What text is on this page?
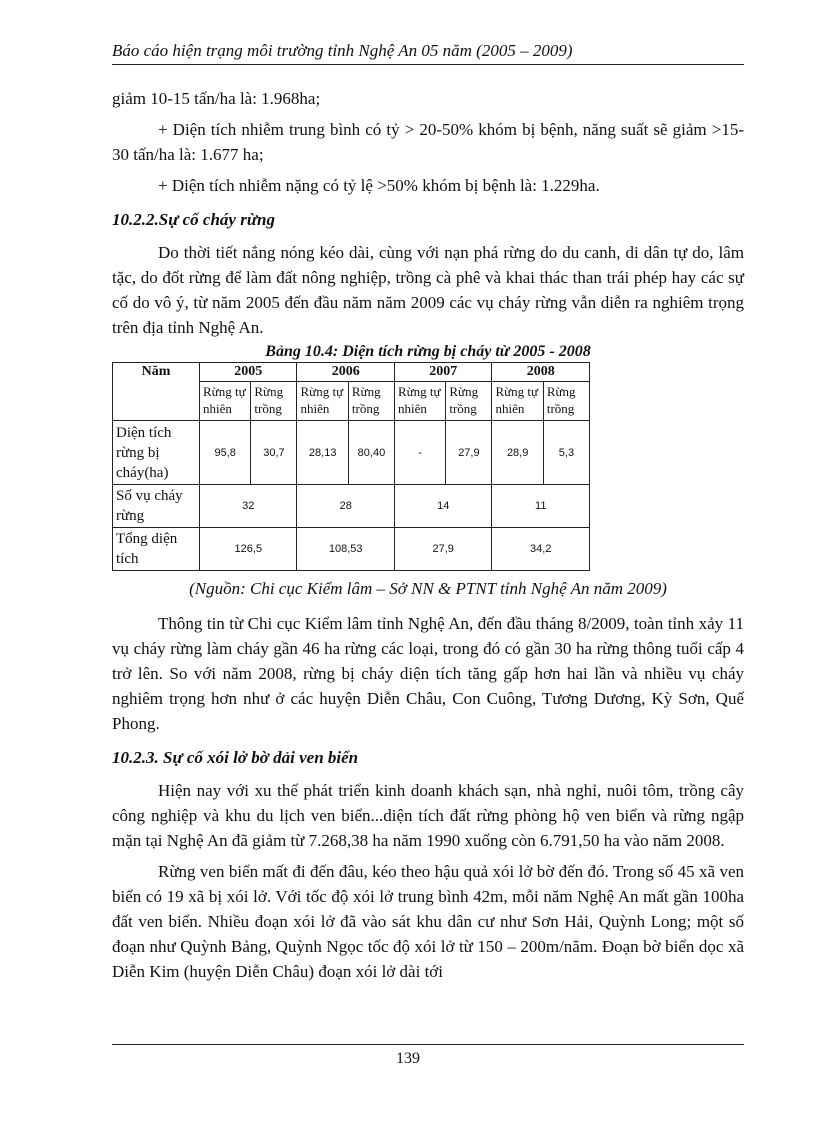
Báo cáo hiện trạng môi trường tỉnh Nghệ An 05 năm (2005 – 2009)

giảm 10-15 tấn/ha là: 1.968ha;

+ Diện tích nhiễm trung bình có tỷ > 20-50% khóm bị bệnh, năng suất sẽ giảm >15-30 tấn/ha là: 1.677 ha;

+ Diện tích nhiễm nặng có tỷ lệ >50% khóm bị bệnh là: 1.229ha.

10.2.2.Sự cố cháy rừng

Do thời tiết nắng nóng kéo dài, cùng với nạn phá rừng do du canh, di dân tự do, lâm tặc, do đốt rừng để làm đất nông nghiệp, trồng cà phê và khai thác than trái phép hay các sự cố do vô ý, từ năm 2005 đến đầu năm năm 2009 các vụ cháy rừng vẫn diễn ra nghiêm trọng trên địa tỉnh Nghệ An.

Bảng 10.4: Diện tích rừng bị cháy từ 2005 - 2008
Năm	2005		2006		2007		2008	
	Rừng tự nhiên	Rừng trồng	Rừng tự nhiên	Rừng trồng	Rừng tự nhiên	Rừng trồng	Rừng tự nhiên	Rừng trồng
Diện tích rừng bị cháy(ha)	95,8	30,7	28,13	80,40	-	27,9	28,9	5,3
Số vụ cháy rừng	32		28		14		11	
Tổng diện tích	126,5		108,53		27,9		34,2	
(Nguồn: Chi cục Kiểm lâm – Sở NN & PTNT tỉnh Nghệ An năm 2009)

Thông tin từ Chi cục Kiểm lâm tỉnh Nghệ An, đến đầu tháng 8/2009, toàn tỉnh xảy 11 vụ cháy rừng làm cháy gần 46 ha rừng các loại, trong đó có gần 30 ha rừng thông tuổi cấp 4 trở lên. So với năm 2008, rừng bị cháy diện tích tăng gấp hơn hai lần và nhiều vụ cháy nghiêm trọng hơn như ở các huyện Diễn Châu, Con Cuông, Tương Dương, Kỳ Sơn, Quế Phong.

10.2.3. Sự cố xói lở bờ dải ven biển

Hiện nay với xu thế phát triển kinh doanh khách sạn, nhà nghỉ, nuôi tôm, trồng cây công nghiệp và khu du lịch ven biển...diện tích đất rừng phòng hộ ven biển và rừng ngập mặn tại Nghệ An đã giảm từ 7.268,38 ha năm 1990 xuống còn 6.791,50 ha vào năm 2008.

Rừng ven biển mất đi đến đâu, kéo theo hậu quả xói lở bờ đến đó. Trong số 45 xã ven biển có 19 xã bị xói lở. Với tốc độ xói lở trung bình 42m, mỗi năm Nghệ An mất gần 100ha đất ven biển. Nhiều đoạn xói lở đã vào sát khu dân cư như Sơn Hải, Quỳnh Long; một số đoạn như Quỳnh Bảng, Quỳnh Ngọc tốc độ xói lở từ 150 – 200m/năm. Đoạn bờ biển dọc xã Diễn Kim (huyện Diễn Châu) đoạn xói lở dài tới

139
